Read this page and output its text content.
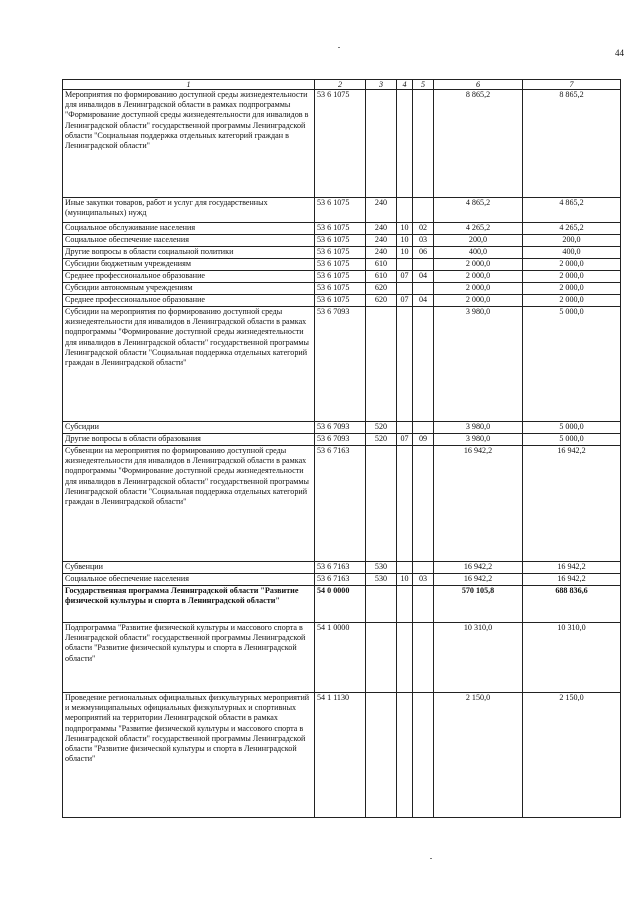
44
1	2	3	4	5	6	7
Мероприятия по формированию доступной среды жизнедеятельности для инвалидов в Ленинградской области в рамках подпрограммы "Формирование доступной среды жизнедеятельности для инвалидов в Ленинградской области" государственной программы Ленинградской области "Социальная поддержка отдельных категорий граждан в Ленинградской области"	53 6 1075				8 865,2	8 865,2
Иные закупки товаров, работ и услуг для государственных (муниципальных) нужд	53 6 1075	240			4 865,2	4 865,2
Социальное обслуживание населения	53 6 1075	240	10	02	4 265,2	4 265,2
Социальное обеспечение населения	53 6 1075	240	10	03	200,0	200,0
Другие вопросы в области социальной политики	53 6 1075	240	10	06	400,0	400,0
Субсидии бюджетным учреждениям	53 6 1075	610			2 000,0	2 000,0
Среднее профессиональное образование	53 6 1075	610	07	04	2 000,0	2 000,0
Субсидии автономным учреждениям	53 6 1075	620			2 000,0	2 000,0
Среднее профессиональное образование	53 6 1075	620	07	04	2 000,0	2 000,0
Субсидии на мероприятия по формированию доступной среды жизнедеятельности для инвалидов в Ленинградской области в рамках подпрограммы "Формирование доступной среды жизнедеятельности для инвалидов в Ленинградской области" государственной программы Ленинградской области "Социальная поддержка отдельных категорий граждан в Ленинградской области"	53 6 7093				3 980,0	5 000,0
Субсидии	53 6 7093	520			3 980,0	5 000,0
Другие вопросы в области образования	53 6 7093	520	07	09	3 980,0	5 000,0
Субвенции на мероприятия по формированию доступной среды жизнедеятельности для инвалидов в Ленинградской области в рамках подпрограммы "Формирование доступной среды жизнедеятельности для инвалидов в Ленинградской области" государственной программы Ленинградской области "Социальная поддержка отдельных категорий граждан в Ленинградской области"	53 6 7163				16 942,2	16 942,2
Субвенции	53 6 7163	530			16 942,2	16 942,2
Социальное обеспечение населения	53 6 7163	530	10	03	16 942,2	16 942,2
Государственная программа Ленинградской области "Развитие физической культуры и спорта в Ленинградской области"	54 0 0000				570 105,8	688 836,6
Подпрограмма "Развитие физической культуры и массового спорта в Ленинградской области" государственной программы Ленинградской области "Развитие физической культуры и спорта в Ленинградской области"	54 1 0000				10 310,0	10 310,0
Проведение региональных официальных физкультурных мероприятий и межмуниципальных официальных физкультурных и спортивных мероприятий на территории Ленинградской области в рамках подпрограммы "Развитие физической культуры и массового спорта в Ленинградской области" государственной программы Ленинградской области "Развитие физической культуры и спорта в Ленинградской области"	54 1 1130				2 150,0	2 150,0
